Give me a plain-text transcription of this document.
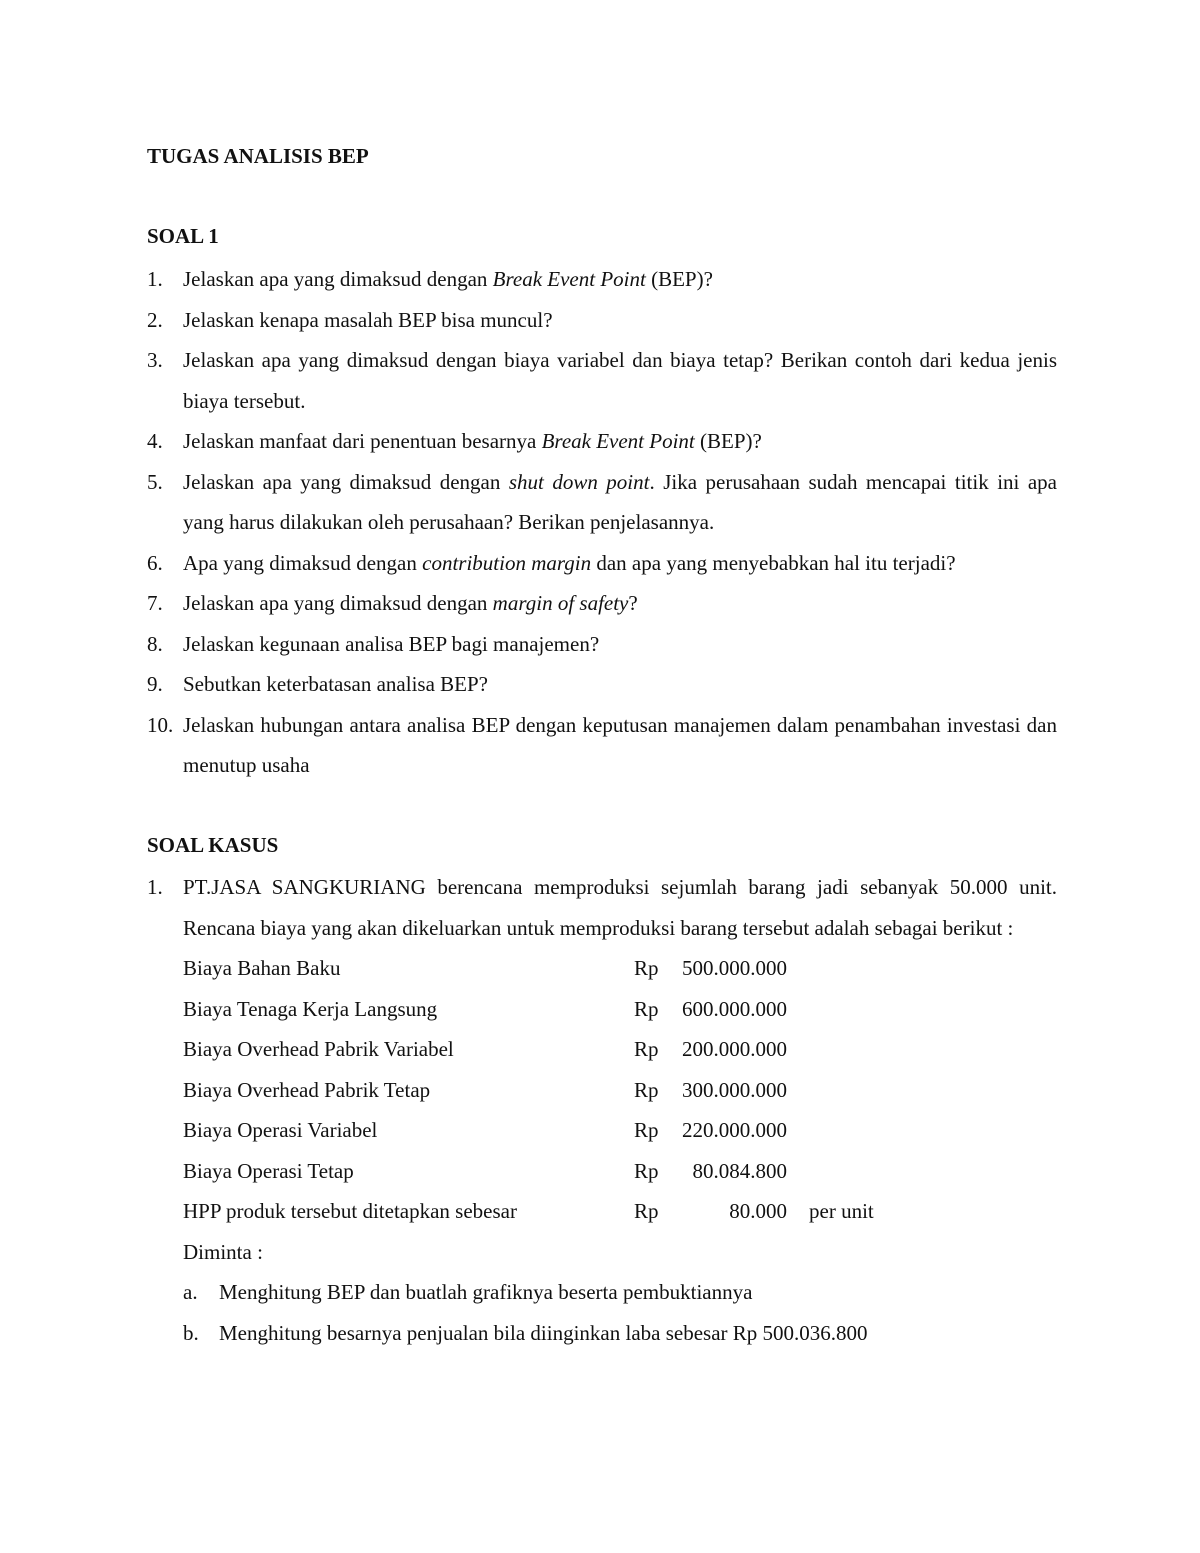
TUGAS ANALISIS BEP
SOAL 1
1. Jelaskan apa yang dimaksud dengan Break Event Point (BEP)?
2. Jelaskan kenapa masalah BEP bisa muncul?
3. Jelaskan apa yang dimaksud dengan biaya variabel dan biaya tetap? Berikan contoh dari kedua jenis biaya tersebut.
4. Jelaskan manfaat dari penentuan besarnya Break Event Point (BEP)?
5. Jelaskan apa yang dimaksud dengan shut down point. Jika perusahaan sudah mencapai titik ini apa yang harus dilakukan oleh perusahaan? Berikan penjelasannya.
6. Apa yang dimaksud dengan contribution margin dan apa yang menyebabkan hal itu terjadi?
7. Jelaskan apa yang dimaksud dengan margin of safety?
8. Jelaskan kegunaan analisa BEP bagi manajemen?
9. Sebutkan keterbatasan analisa BEP?
10. Jelaskan hubungan antara analisa BEP dengan keputusan manajemen dalam penambahan investasi dan menutup usaha
SOAL KASUS
1. PT.JASA SANGKURIANG berencana memproduksi sejumlah barang jadi sebanyak 50.000 unit. Rencana biaya yang akan dikeluarkan untuk memproduksi barang tersebut adalah sebagai berikut :
Biaya Bahan Baku	Rp 500.000.000
Biaya Tenaga Kerja Langsung	Rp 600.000.000
Biaya Overhead Pabrik Variabel	Rp 200.000.000
Biaya Overhead Pabrik Tetap	Rp 300.000.000
Biaya Operasi Variabel	Rp 220.000.000
Biaya Operasi Tetap	Rp 80.084.800
HPP produk tersebut ditetapkan sebesar	Rp	80.000 per unit
Diminta :
a. Menghitung BEP dan buatlah grafiknya beserta pembuktiannya
b. Menghitung besarnya penjualan bila diinginkan laba sebesar Rp 500.036.800
